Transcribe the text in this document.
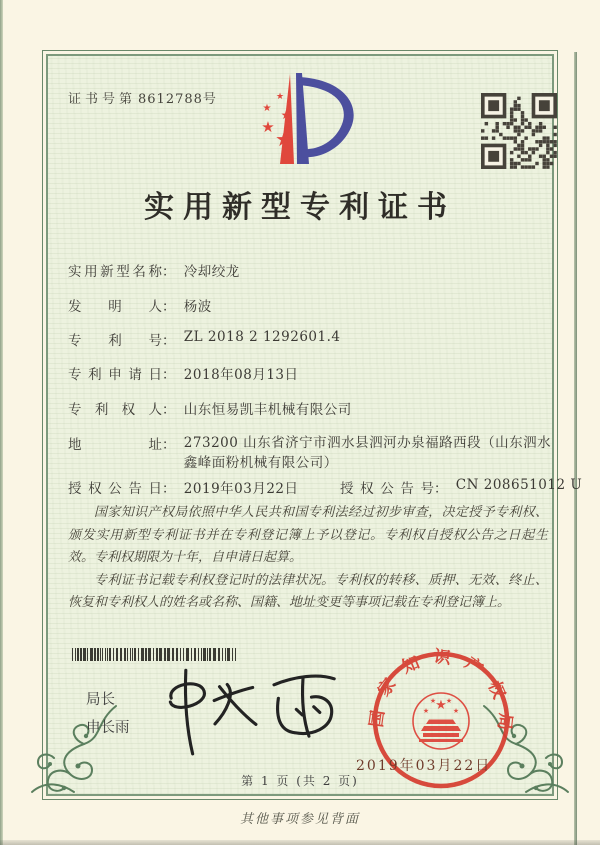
证书号第 8612788号
★
★
★
★
★
实用新型专利证书
实用新型名称： 冷却绞龙
发明人： 杨波
专利号： ZL 2018 2 1292601.4
专利申请日： 2018年08月13日
专利权人： 山东恒易凯丰机械有限公司
地址： 273200 山东省济宁市泗水县泗河办泉福路西段（山东泗水鑫峰面粉机械有限公司）
授权公告日： 2019年03月22日	授权公告号： CN 208651012 U

国家知识产权局依照中华人民共和国专利法经过初步审查，决定授予专利权、颁发实用新型专利证书并在专利登记簿上予以登记。专利权自授权公告之日起生效。专利权期限为十年，自申请日起算。

专利证书记载专利权登记时的法律状况。专利权的转移、质押、无效、终止、恢复和专利权人的姓名或名称、国籍、地址变更等事项记载在专利登记簿上。

局长
申长雨	国家知识产权局
★
★
★ ★
★
2019年03月22日
第 1 页 (共 2 页)
其他事项参见背面
